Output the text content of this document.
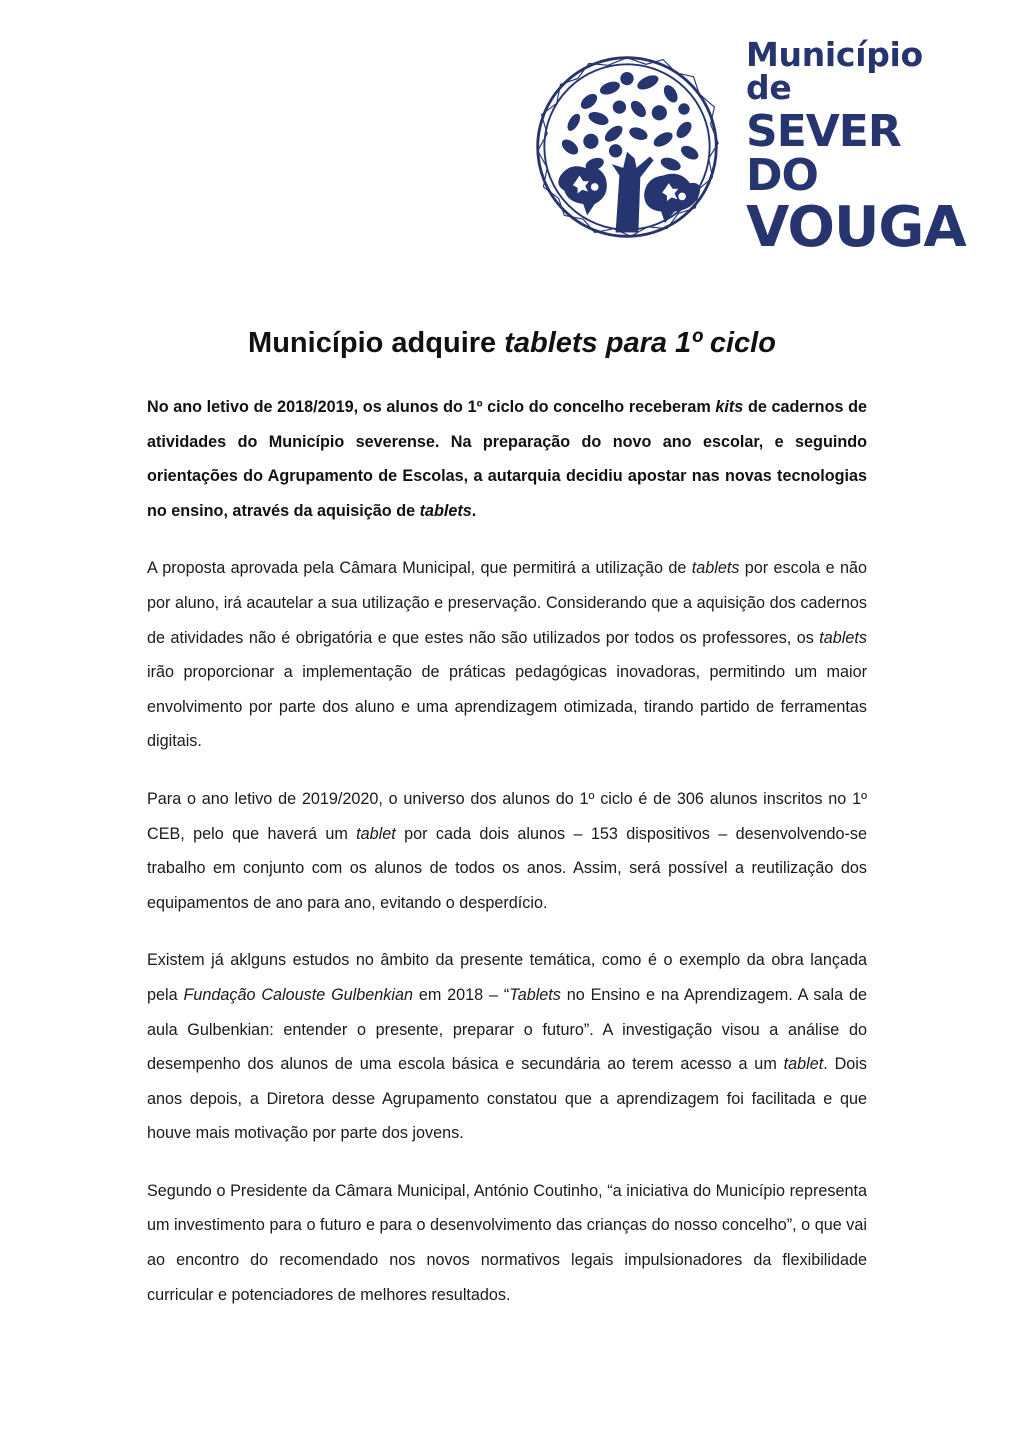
Município de
SEVER DO
VOUGA
Município adquire tablets para 1º ciclo

No ano letivo de 2018/2019, os alunos do 1º ciclo do concelho receberam kits de cadernos de atividades do Município severense. Na preparação do novo ano escolar, e seguindo orientações do Agrupamento de Escolas, a autarquia decidiu apostar nas novas tecnologias no ensino, através da aquisição de tablets.

A proposta aprovada pela Câmara Municipal, que permitirá a utilização de tablets por escola e não por aluno, irá acautelar a sua utilização e preservação. Considerando que a aquisição dos cadernos de atividades não é obrigatória e que estes não são utilizados por todos os professores, os tablets irão proporcionar a implementação de práticas pedagógicas inovadoras, permitindo um maior envolvimento por parte dos aluno e uma aprendizagem otimizada, tirando partido de ferramentas digitais.

Para o ano letivo de 2019/2020, o universo dos alunos do 1º ciclo é de 306 alunos inscritos no 1º CEB, pelo que haverá um tablet por cada dois alunos – 153 dispositivos – desenvolvendo-se trabalho em conjunto com os alunos de todos os anos. Assim, será possível a reutilização dos equipamentos de ano para ano, evitando o desperdício.

Existem já aklguns estudos no âmbito da presente temática, como é o exemplo da obra lançada pela Fundação Calouste Gulbenkian em 2018 – “Tablets no Ensino e na Aprendizagem. A sala de aula Gulbenkian: entender o presente, preparar o futuro”. A investigação visou a análise do desempenho dos alunos de uma escola básica e secundária ao terem acesso a um tablet. Dois anos depois, a Diretora desse Agrupamento constatou que a aprendizagem foi facilitada e que houve mais motivação por parte dos jovens.

Segundo o Presidente da Câmara Municipal, António Coutinho, “a iniciativa do Município representa um investimento para o futuro e para o desenvolvimento das crianças do nosso concelho”, o que vai ao encontro do recomendado nos novos normativos legais impulsionadores da flexibilidade curricular e potenciadores de melhores resultados.
